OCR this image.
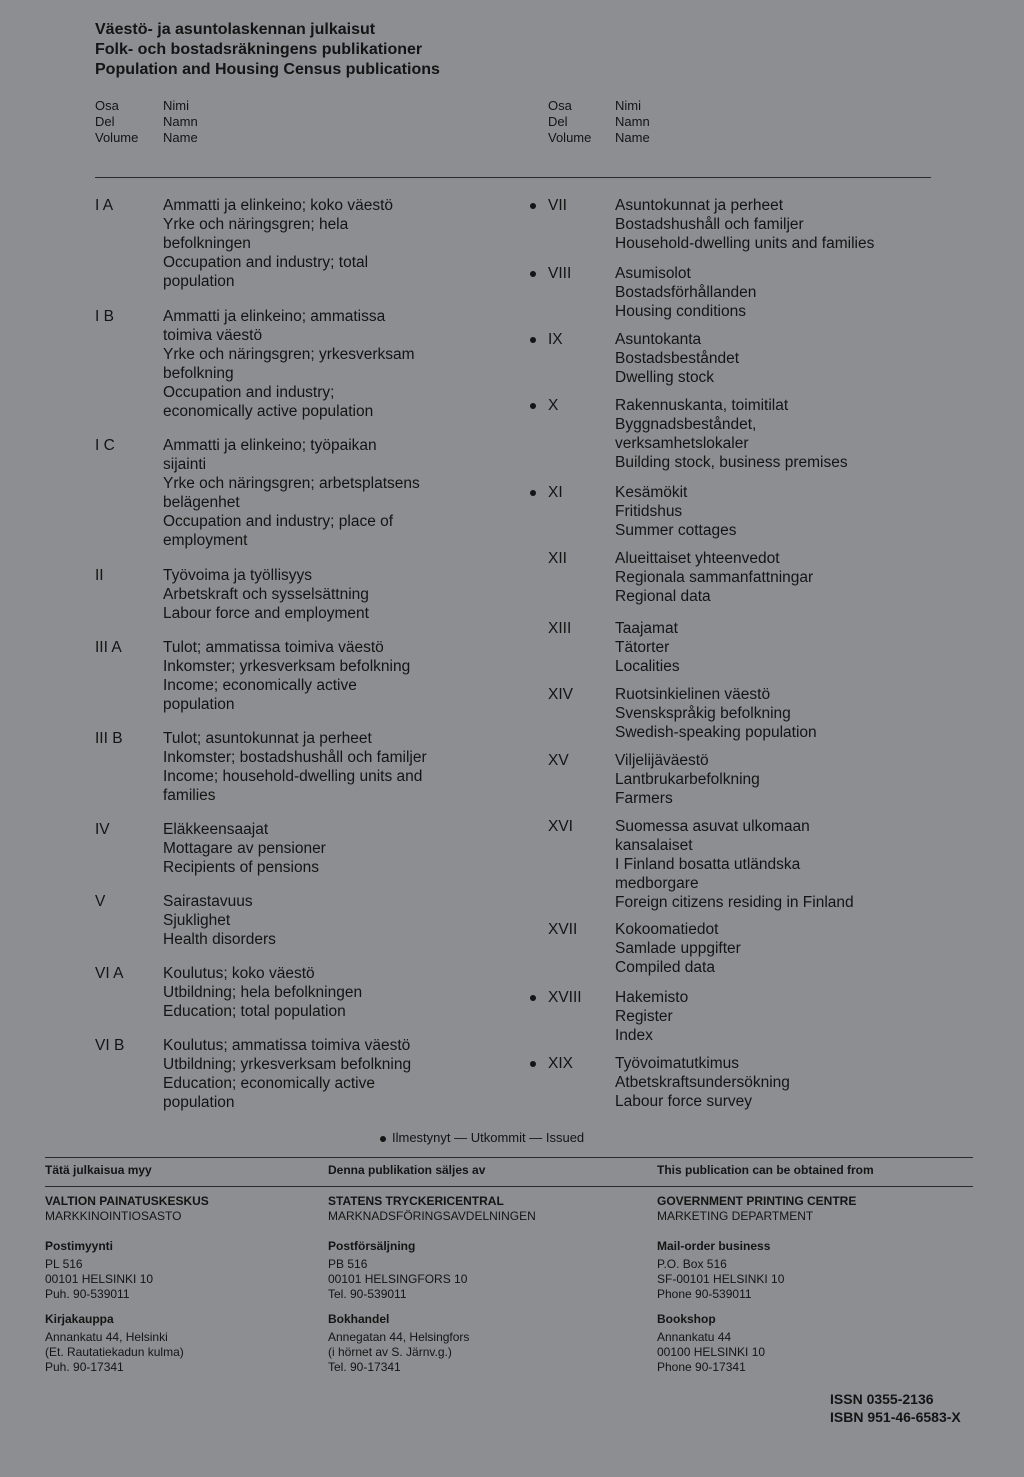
Väestö- ja asuntolaskennan julkaisut
Folk- och bostadsräkningens publikationer
Population and Housing Census publications
Osa
Del
Volume
Nimi
Namn
Name
Osa
Del
Volume
Nimi
Namn
Name
I A	Ammatti ja elinkeino; koko väestö
Yrke och näringsgren; hela
befolkningen
Occupation and industry; total
population
I B	Ammatti ja elinkeino; ammatissa
toimiva väestö
Yrke och näringsgren; yrkesverksam
befolkning
Occupation and industry;
economically active population
I C	Ammatti ja elinkeino; työpaikan
sijainti
Yrke och näringsgren; arbetsplatsens
belägenhet
Occupation and industry; place of
employment
II	Työvoima ja työllisyys
Arbetskraft och sysselsättning
Labour force and employment
III A	Tulot; ammatissa toimiva väestö
Inkomster; yrkesverksam befolkning
Income; economically active
population
III B	Tulot; asuntokunnat ja perheet
Inkomster; bostadshushåll och familjer
Income; household-dwelling units and
families
IV	Eläkkeensaajat
Mottagare av pensioner
Recipients of pensions
V	Sairastavuus
Sjuklighet
Health disorders
VI A	Koulutus; koko väestö
Utbildning; hela befolkningen
Education; total population
VI B Koulutus; ammatissa toimiva väestö
Utbildning; yrkesverksam befolkning
Education; economically active
population
VII	Asuntokunnat ja perheet
Bostadshushåll och familjer
Household-dwelling units and families
VIII	Asumisolot
Bostadsförhållanden
Housing conditions
IX	Asuntokanta
Bostadsbeståndet
Dwelling stock
X	Rakennuskanta, toimitilat
Byggnadsbeståndet,
verksamhetslokaler
Building stock, business premises
XI	Kesämökit
Fritidshus
Summer cottages
XII	Alueittaiset yhteenvedot
Regionala sammanfattningar
Regional data
XIII	Taajamat
Tätorter
Localities
XIV	Ruotsinkielinen väestö
Svenskspråkig befolkning
Swedish-speaking population
XV	Viljelijäväestö
Lantbrukarbefolkning
Farmers
XVI	Suomessa asuvat ulkomaan
kansalaiset
I Finland bosatta utländska
medborgare
Foreign citizens residing in Finland
XVII Kokoomatiedot
Samlade uppgifter
Compiled data
XVIII Hakemisto
Register
Index
XIX	Työvoimatutkimus
Atbetskraftsundersökning
Labour force survey
Ilmestynyt — Utkommit — Issued
Tätä julkaisua myy
VALTION PAINATUSKESKUS
MARKKINOINTIOSASTO
Postimyynti
PL 516
00101 HELSINKI 10
Puh. 90-539011
Kirjakauppa
Annankatu 44, Helsinki
(Et. Rautatiekadun kulma)
Puh. 90-17341
Denna publikation säljes av
STATENS TRYCKERICENTRAL
MARKNADSFÖRINGSAVDELNINGEN
Postförsäljning
PB 516
00101 HELSINGFORS 10
Tel. 90-539011
Bokhandel
Annegatan 44, Helsingfors
(i hörnet av S. Järnv.g.)
Tel. 90-17341
This publication can be obtained from
GOVERNMENT PRINTING CENTRE
MARKETING DEPARTMENT
Mail-order business
P.O. Box 516
SF-00101 HELSINKI 10
Phone 90-539011
Bookshop
Annankatu 44
00100 HELSINKI 10
Phone 90-17341
ISSN 0355-2136
ISBN 951-46-6583-X
